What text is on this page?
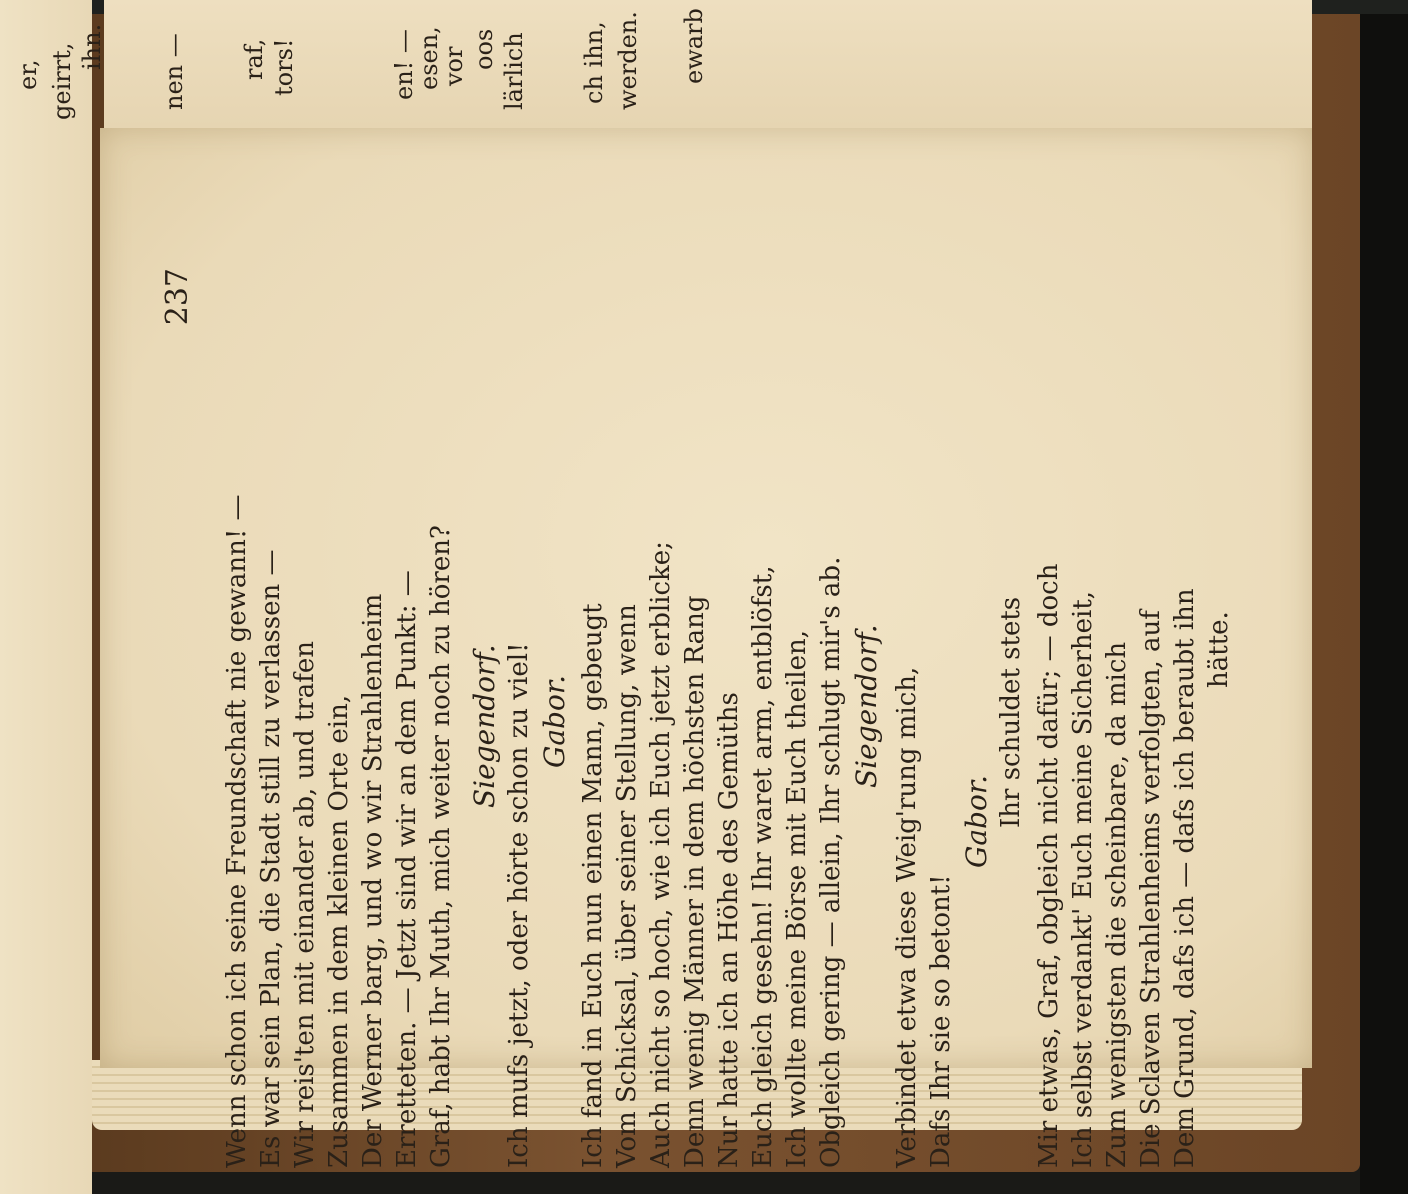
er, geirrt, ihn. nen — raf, tors!	en! —
esen,
vor oos lärlich ch ihn, werden. ewarb
237
Wenn schon ich seine Freundschaft nie gewann! — Es war sein Plan, die Stadt still zu verlassen — Wir reis'ten mit einander ab, und trafen Zusammen in dem kleinen Orte ein, Der Werner barg, und wo wir Strahlenheim Erretteten. — Jetzt sind wir an dem Punkt: — Graf, habt Ihr Muth, mich weiter noch zu hören? Siegendorf. Ich mufs jetzt, oder hörte schon zu viel! Gabor. Ich fand in Euch nun einen Mann, gebeugt Vom Schicksal, über seiner Stellung, wenn Auch nicht so hoch, wie ich Euch jetzt erblicke; Denn wenig Männer in dem höchsten Rang Nur hatte ich an Höhe des Gemüths Euch gleich gesehn! Ihr waret arm, entblöfst, Ich wollte meine Börse mit Euch theilen, Obgleich gering — allein, Ihr schlugt mir's ab. Siegendorf. Verbindet etwa diese Weig'rung mich, Dafs Ihr sie so betont!
Gabor. Ihr schuldet stets Mir etwas, Graf, obgleich nicht dafür; — doch Ich selbst verdankt' Euch meine Sicherheit, Zum wenigsten die scheinbare, da mich Die Sclaven Strahlenheims verfolgten, auf Dem Grund, dafs ich — dafs ich beraubt ihn hätte.
